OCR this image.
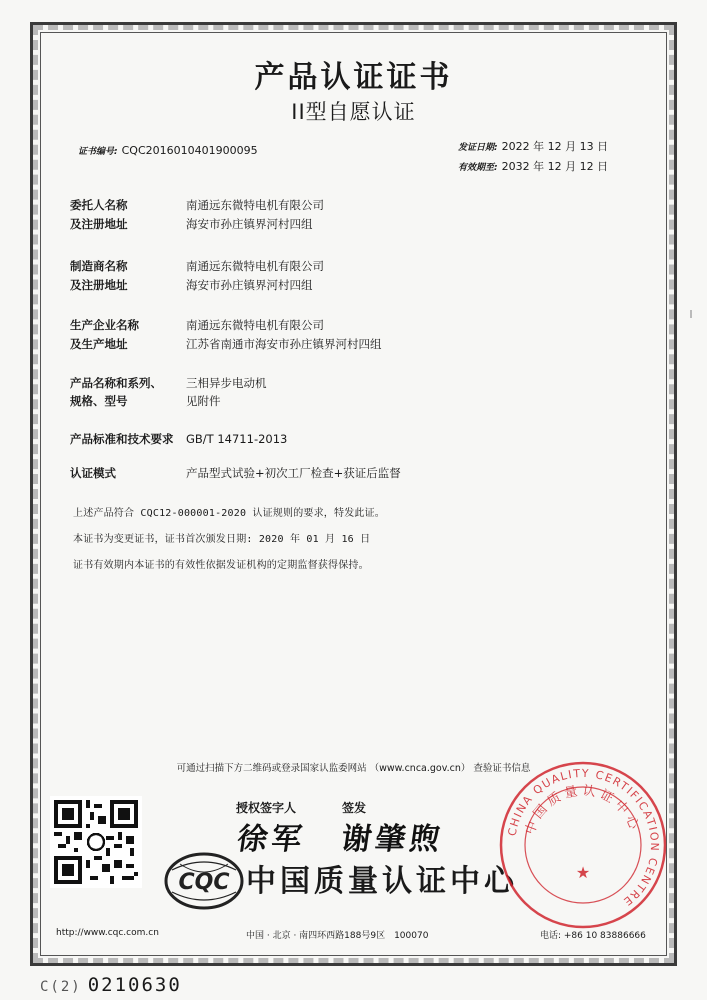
产品认证证书
II型自愿认证
证书编号: CQC2016010401900095	发证日期: 2022 年 12 月 13 日
有效期至: 2032 年 12 月 12 日
委托人名称	南通远东微特电机有限公司
及注册地址	海安市孙庄镇界河村四组
制造商名称	南通远东微特电机有限公司
及注册地址	海安市孙庄镇界河村四组
生产企业名称	南通远东微特电机有限公司
及生产地址	江苏省南通市海安市孙庄镇界河村四组
产品名称和系列、	三相异步电动机
规格、型号	见附件
产品标准和技术要求	GB/T 14711-2013
认证模式	产品型式试验+初次工厂检查+获证后监督
上述产品符合 CQC12-000001-2020 认证规则的要求，特发此证。
本证书为变更证书，证书首次颁发日期: 2020 年 01 月 16 日
证书有效期内本证书的有效性依据发证机构的定期监督获得保持。
可通过扫描下方二维码或登录国家认监委网站 （www.cnca.gov.cn） 查验证书信息
授权签字人	签发
徐军 谢肇煦
CQC 中国质量认证中心
CHINA QUALITY CERTIFICATION CENTRE
中国质量认证中心
★
http://www.cqc.com.cn	中国 · 北京 · 南四环西路188号9区　100070	电话: +86 10 83886666
C(2) 0210630
